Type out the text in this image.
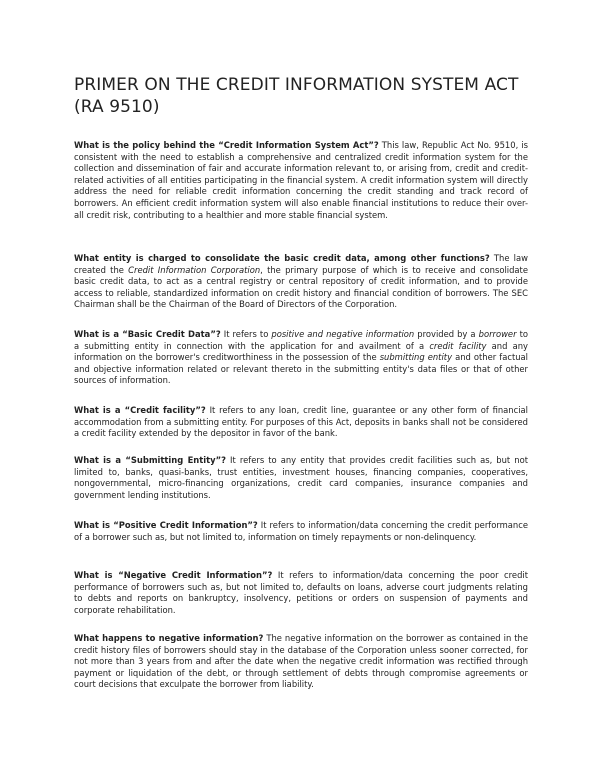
PRIMER ON THE CREDIT INFORMATION SYSTEM ACT (RA 9510)

What is the policy behind the “Credit Information System Act”? This law, Republic Act No. 9510, is consistent with the need to establish a comprehensive and centralized credit information system for the collection and dissemination of fair and accurate information relevant to, or arising from, credit and credit-related activities of all entities participating in the financial system. A credit information system will directly address the need for reliable credit information concerning the credit standing and track record of borrowers. An efficient credit information system will also enable financial institutions to reduce their over-all credit risk, contributing to a healthier and more stable financial system.

What entity is charged to consolidate the basic credit data, among other functions? The law created the Credit Information Corporation, the primary purpose of which is to receive and consolidate basic credit data, to act as a central registry or central repository of credit information, and to provide access to reliable, standardized information on credit history and financial condition of borrowers. The SEC Chairman shall be the Chairman of the Board of Directors of the Corporation.

What is a “Basic Credit Data”? It refers to positive and negative information provided by a borrower to a submitting entity in connection with the application for and availment of a credit facility and any information on the borrower's creditworthiness in the possession of the submitting entity and other factual and objective information related or relevant thereto in the submitting entity's data files or that of other sources of information.

What is a “Credit facility”? It refers to any loan, credit line, guarantee or any other form of financial accommodation from a submitting entity. For purposes of this Act, deposits in banks shall not be considered a credit facility extended by the depositor in favor of the bank.

What is a “Submitting Entity”? It refers to any entity that provides credit facilities such as, but not limited to, banks, quasi-banks, trust entities, investment houses, financing companies, cooperatives, nongovernmental, micro-financing organizations, credit card companies, insurance companies and government lending institutions.

What is “Positive Credit Information”? It refers to information/data concerning the credit performance of a borrower such as, but not limited to, information on timely repayments or non-delinquency.

What is “Negative Credit Information”? It refers to information/data concerning the poor credit performance of borrowers such as, but not limited to, defaults on loans, adverse court judgments relating to debts and reports on bankruptcy, insolvency, petitions or orders on suspension of payments and corporate rehabilitation.

What happens to negative information? The negative information on the borrower as contained in the credit history files of borrowers should stay in the database of the Corporation unless sooner corrected, for not more than 3 years from and after the date when the negative credit information was rectified through payment or liquidation of the debt, or through settlement of debts through compromise agreements or court decisions that exculpate the borrower from liability.
